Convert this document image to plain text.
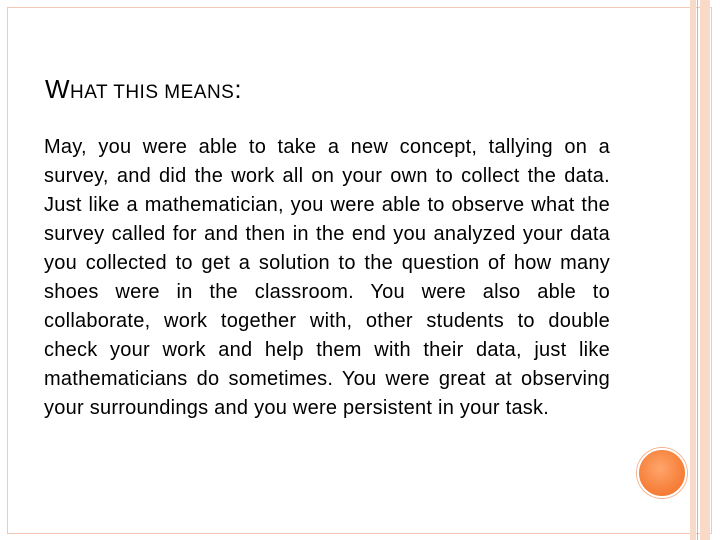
WHAT THIS MEANS:
May, you were able to take a new concept, tallying on a survey, and did the work all on your own to collect the data. Just like a mathematician, you were able to observe what the survey called for and then in the end you analyzed your data you collected to get a solution to the question of how many shoes were in the classroom. You were also able to collaborate, work together with, other students to double check your work and help them with their data, just like mathematicians do sometimes. You were great at observing your surroundings and you were persistent in your task.
